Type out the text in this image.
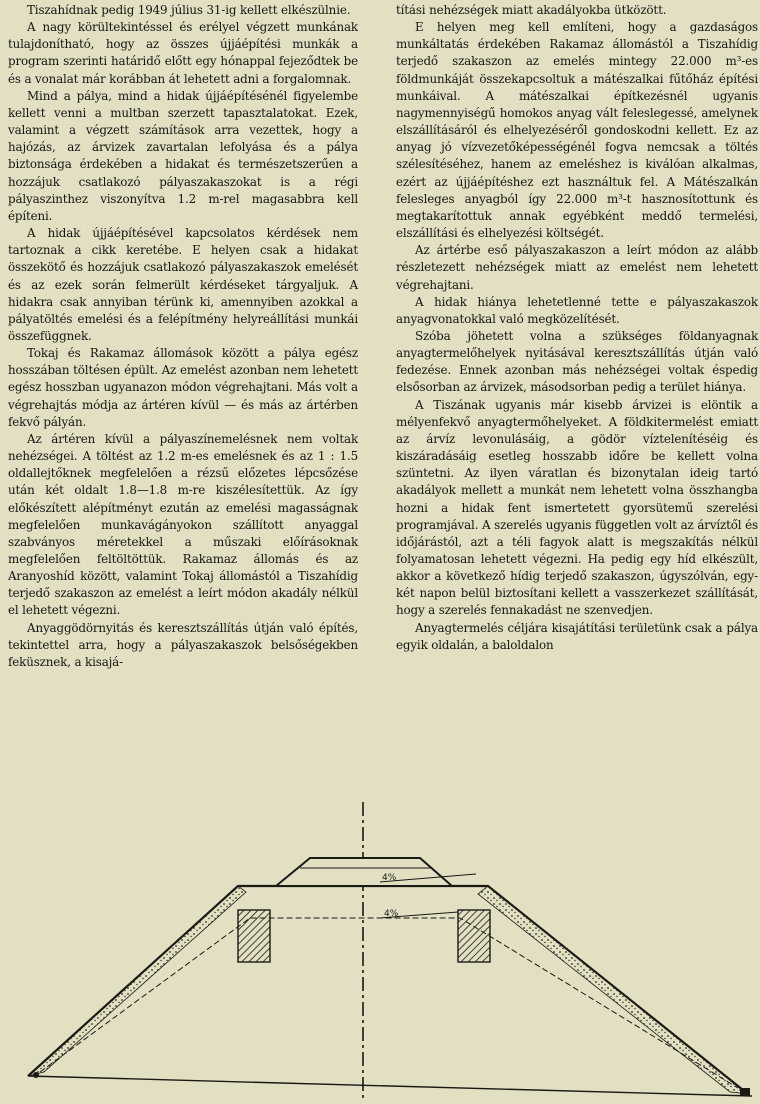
Tiszahídnak pedig 1949 július 31-ig kellett elkészülnie.

A nagy körültekintéssel és erélyel végzett munkának tulajdonítható, hogy az összes újjáépítési munkák a program szerinti határidő előtt egy hónappal fejeződtek be és a vonalat már korábban át lehetett adni a forgalomnak.

Mind a pálya, mind a hidak újjáépítésénél figyelembe kellett venni a multban szerzett tapasztalatokat. Ezek, valamint a végzett számítások arra vezettek, hogy a hajózás, az árvizek zavartalan lefolyása és a pálya biztonsága érdekében a hidakat és természetszerűen a hozzájuk csatlakozó pályaszakaszokat is a régi pályaszinthez viszonyítva 1.2 m-rel magasabbra kell építeni.

A hidak újjáépítésével kapcsolatos kérdések nem tartoznak a cikk keretébe. E helyen csak a hidakat összekötő és hozzájuk csatlakozó pályaszakaszok emelését és az ezek során felmerült kérdéseket tárgyaljuk. A hidakra csak annyiban térünk ki, amennyiben azokkal a pályatöltés emelési és a felépítmény helyreállítási munkái összefüggnek.

Tokaj és Rakamaz állomások között a pálya egész hosszában töltésen épült. Az emelést azonban nem lehetett egész hosszban ugyanazon módon végrehajtani. Más volt a végrehajtás módja az ártéren kívül — és más az ártérben fekvő pályán.

Az ártéren kívül a pályaszínemelésnek nem voltak nehézségei. A töltést az 1.2 m-es emelésnek és az 1 : 1.5 oldallejtőknek megfelelően a rézsű előzetes lépcsőzése után két oldalt 1.8—1.8 m-re kiszélesítettük. Az így előkészített alépítményt ezután az emelési magasságnak megfelelően munkavágányokon szállított anyaggal szabványos méretekkel a műszaki előírásoknak megfelelően feltöltöttük. Rakamaz állomás és az Aranyoshíd között, valamint Tokaj állomástól a Tiszahídig terjedő szakaszon az emelést a leírt módon akadály nélkül el lehetett végezni.

Anyaggödörnyitás és keresztszállítás útján való építés, tekintettel arra, hogy a pályaszakaszok belsőségekben feküsznek, a kisajá-

títási nehézségek miatt akadályokba ütközött.

E helyen meg kell említeni, hogy a gazdaságos munkáltatás érdekében Rakamaz állomástól a Tiszahídig terjedő szakaszon az emelés mintegy 22.000 m³-es földmunkáját összekapcsoltuk a mátészalkai fűtőház építési munkáival. A mátészalkai építkezésnél ugyanis nagymennyiségű homokos anyag vált feleslegessé, amelynek elszállításáról és elhelyezéséről gondoskodni kellett. Ez az anyag jó vízvezetőképességénél fogva nemcsak a töltés szélesítéséhez, hanem az emeléshez is kiválóan alkalmas, ezért az újjáépítéshez ezt használtuk fel. A Mátészalkán felesleges anyagból így 22.000 m³-t hasznosítottunk és megtakarítottuk annak egyébként meddő termelési, elszállítási és elhelyezési költségét.

Az ártérbe eső pályaszakaszon a leírt módon az alább részletezett nehézségek miatt az emelést nem lehetett végrehajtani.

A hidak hiánya lehetetlenné tette e pályaszakaszok anyagvonatokkal való megközelítését.

Szóba jöhetett volna a szükséges földanyagnak anyagtermelőhelyek nyitásával keresztszállítás útján való fedezése. Ennek azonban más nehézségei voltak éspedig elsősorban az árvizek, másodsorban pedig a terület hiánya.

A Tiszának ugyanis már kisebb árvizei is elöntik a mélyenfekvő anyagtermőhelyeket. A földkitermelést emiatt az árvíz levonulásáig, a gödör víztelenítéséig és kiszáradásáig esetleg hosszabb időre be kellett volna szüntetni. Az ilyen váratlan és bizonytalan ideig tartó akadályok mellett a munkát nem lehetett volna összhangba hozni a hidak fent ismertetett gyorsütemű szerelési programjával. A szerelés ugyanis független volt az árvíztől és időjárástól, azt a téli fagyok alatt is megszakítás nélkül folyamatosan lehetett végezni. Ha pedig egy híd elkészült, akkor a következő hídig terjedő szakaszon, úgyszólván, egy-két napon belül biztosítani kellett a vasszerkezet szállítását, hogy a szerelés fennakadást ne szenvedjen.

Anyagtermelés céljára kisajátítási területünk csak a pálya egyik oldalán, a baloldalon

4%
4%
